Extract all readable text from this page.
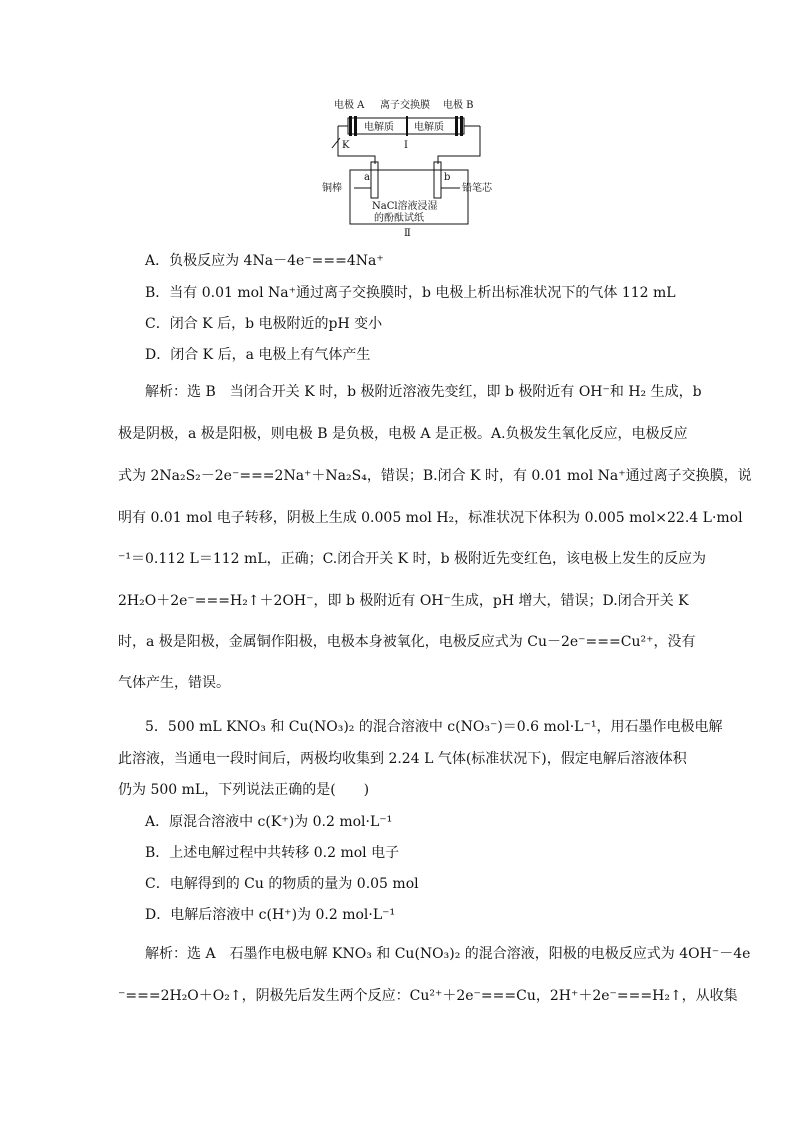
电极 A 离子交换膜 电极 B
电解质 电解质
K	Ⅰ
a	b
铜棒	铅笔芯
NaCl溶液浸湿
的酚酞试纸
Ⅱ
A．负极反应为 4Na－4e⁻===4Na⁺
B．当有 0.01 mol Na⁺通过离子交换膜时，b 电极上析出标准状况下的气体 112 mL
C．闭合 K 后，b 电极附近的pH 变小
D．闭合 K 后，a 电极上有气体产生
解析：选 B　当闭合开关 K 时，b 极附近溶液先变红，即 b 极附近有 OH⁻和 H₂ 生成，b
极是阴极，a 极是阳极，则电极 B 是负极，电极 A 是正极。A.负极发生氧化反应，电极反应
式为 2Na₂S₂－2e⁻===2Na⁺＋Na₂S₄，错误；B.闭合 K 时，有 0.01 mol Na⁺通过离子交换膜，说
明有 0.01 mol 电子转移，阴极上生成 0.005 mol H₂，标准状况下体积为 0.005 mol×22.4 L·mol
⁻¹＝0.112 L＝112 mL，正确；C.闭合开关 K 时，b 极附近先变红色，该电极上发生的反应为
2H₂O＋2e⁻===H₂↑＋2OH⁻，即 b 极附近有 OH⁻生成，pH 增大，错误；D.闭合开关 K
时，a 极是阳极，金属铜作阳极，电极本身被氧化，电极反应式为 Cu－2e⁻===Cu²⁺，没有
气体产生，错误。
5．500 mL KNO₃ 和 Cu(NO₃)₂ 的混合溶液中 c(NO₃⁻)＝0.6 mol·L⁻¹，用石墨作电极电解
此溶液，当通电一段时间后，两极均收集到 2.24 L 气体(标准状况下)，假定电解后溶液体积
仍为 500 mL，下列说法正确的是(　　)
A．原混合溶液中 c(K⁺)为 0.2 mol·L⁻¹
B．上述电解过程中共转移 0.2 mol 电子
C．电解得到的 Cu 的物质的量为 0.05 mol
D．电解后溶液中 c(H⁺)为 0.2 mol·L⁻¹
解析：选 A　石墨作电极电解 KNO₃ 和 Cu(NO₃)₂ 的混合溶液，阳极的电极反应式为 4OH⁻－4e
⁻===2H₂O＋O₂↑，阴极先后发生两个反应：Cu²⁺＋2e⁻===Cu，2H⁺＋2e⁻===H₂↑，从收集
